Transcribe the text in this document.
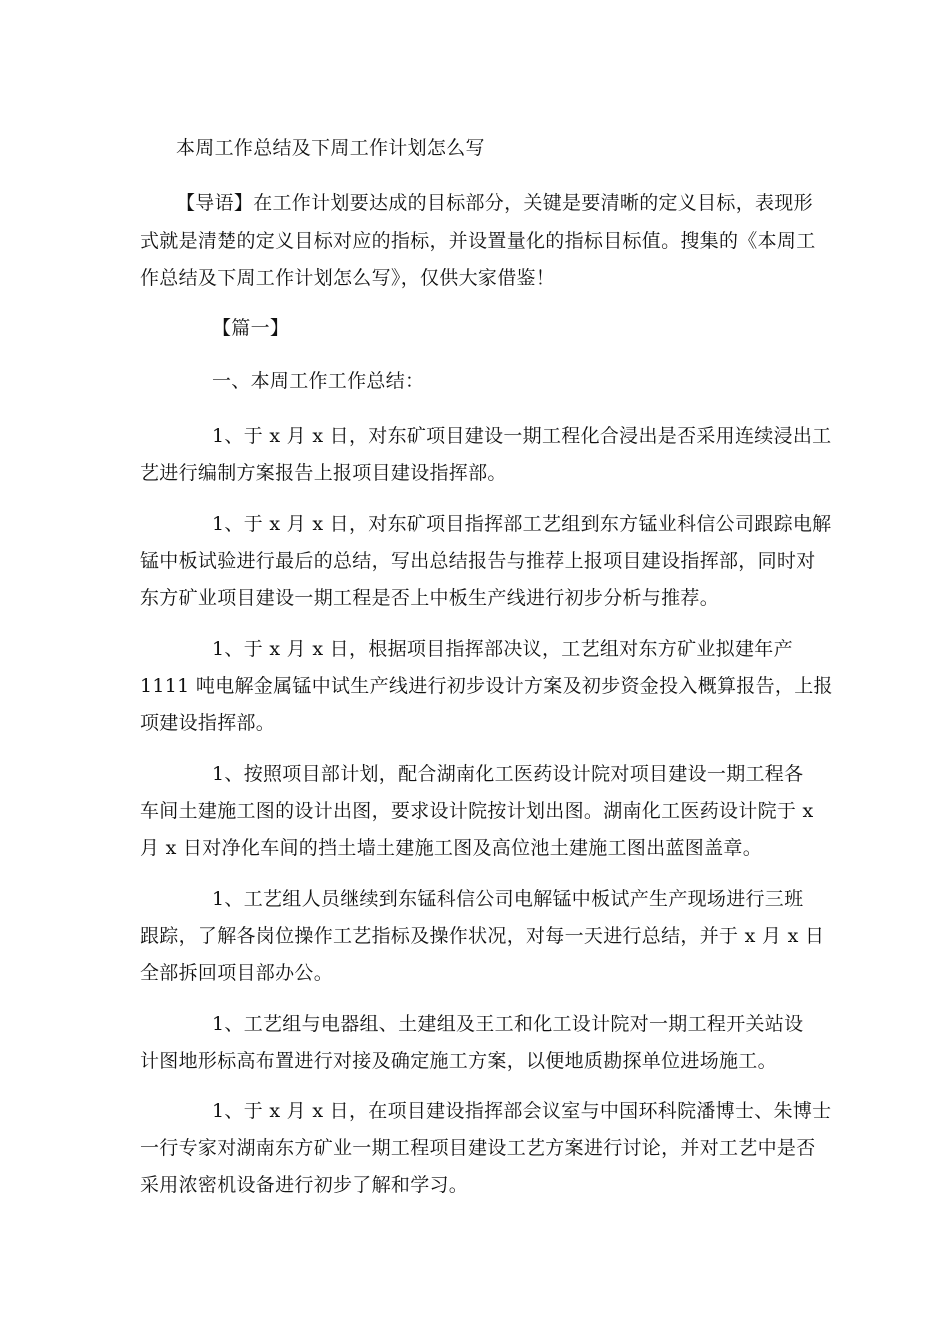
本周工作总结及下周工作计划怎么写
【导语】在工作计划要达成的目标部分，关键是要清晰的定义目标，表现形
式就是清楚的定义目标对应的指标，并设置量化的指标目标值。搜集的《本周工
作总结及下周工作计划怎么写》，仅供大家借鉴！
【篇一】
一、本周工作工作总结：
1、于 x 月 x 日，对东矿项目建设一期工程化合浸出是否采用连续浸出工
艺进行编制方案报告上报项目建设指挥部。
1、于 x 月 x 日，对东矿项目指挥部工艺组到东方锰业科信公司跟踪电解
锰中板试验进行最后的总结，写出总结报告与推荐上报项目建设指挥部，同时对
东方矿业项目建设一期工程是否上中板生产线进行初步分析与推荐。
1、于 x 月 x 日，根据项目指挥部决议，工艺组对东方矿业拟建年产
1111 吨电解金属锰中试生产线进行初步设计方案及初步资金投入概算报告，上报
项建设指挥部。
1、按照项目部计划，配合湖南化工医药设计院对项目建设一期工程各
车间土建施工图的设计出图，要求设计院按计划出图。湖南化工医药设计院于 x
月 x 日对净化车间的挡土墙土建施工图及高位池土建施工图出蓝图盖章。
1、工艺组人员继续到东锰科信公司电解锰中板试产生产现场进行三班
跟踪，了解各岗位操作工艺指标及操作状况，对每一天进行总结，并于 x 月 x 日
全部拆回项目部办公。
1、工艺组与电器组、土建组及王工和化工设计院对一期工程开关站设
计图地形标高布置进行对接及确定施工方案，以便地质勘探单位进场施工。
1、于 x 月 x 日，在项目建设指挥部会议室与中国环科院潘博士、朱博士
一行专家对湖南东方矿业一期工程项目建设工艺方案进行讨论，并对工艺中是否
采用浓密机设备进行初步了解和学习。
